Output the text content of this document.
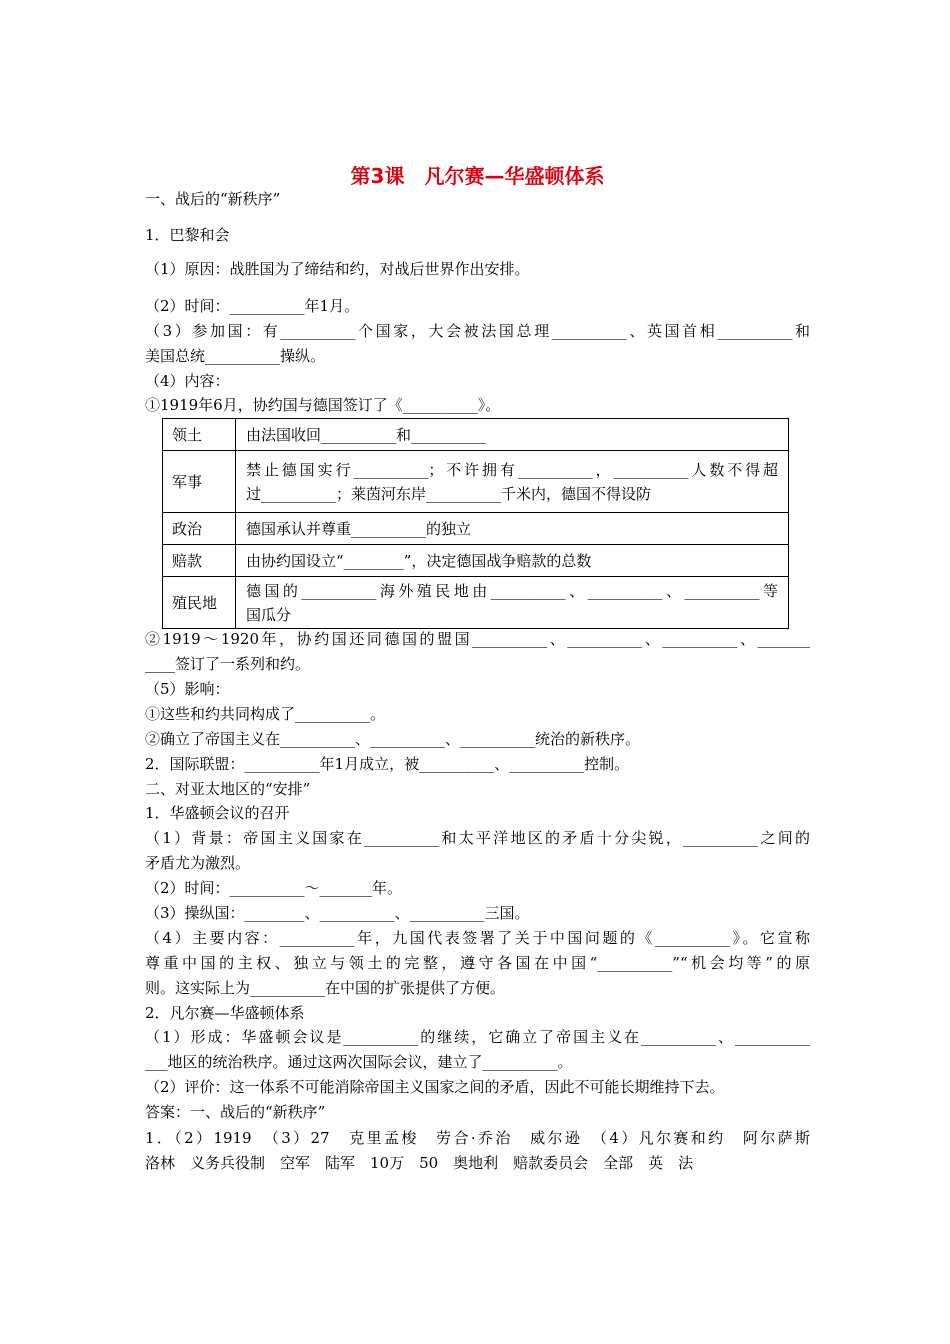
第3课　凡尔赛—华盛顿体系
一、战后的“新秩序”
1．巴黎和会
（1）原因：战胜国为了缔结和约，对战后世界作出安排。
（2）时间：__________年1月。
（3）参加国：有__________个国家，大会被法国总理__________、英国首相__________和
美国总统__________操纵。
（4）内容：
①1919年6月，协约国与德国签订了《__________》。
领土	由法国收回__________和__________
军事	禁止德国实行__________；不许拥有__________，__________人数不得超
过__________；莱茵河东岸__________千米内，德国不得设防

政治	德国承认并尊重__________的独立
赔款	由协约国设立“________”，决定德国战争赔款的总数
殖民地	德国的__________海外殖民地由__________、__________、__________等
国瓜分
②1919～1920年，协约国还同德国的盟国__________、__________、__________、_______
____签订了一系列和约。
（5）影响：
①这些和约共同构成了__________。
②确立了帝国主义在__________、__________、__________统治的新秩序。
2．国际联盟：__________年1月成立，被__________、__________控制。
二、对亚太地区的“安排”
1．华盛顿会议的召开
（1）背景：帝国主义国家在__________和太平洋地区的矛盾十分尖锐，__________之间的
矛盾尤为激烈。
（2）时间：__________～_______年。
（3）操纵国：________、__________、__________三国。
（4）主要内容：__________年，九国代表签署了关于中国问题的《__________》。它宣称
尊重中国的主权、独立与领土的完整，遵守各国在中国“__________”“机会均等”的原
则。这实际上为__________在中国的扩张提供了方便。
2．凡尔赛—华盛顿体系
（1）形成：华盛顿会议是__________的继续，它确立了帝国主义在__________、__________
___地区的统治秩序。通过这两次国际会议，建立了__________。
（2）评价：这一体系不可能消除帝国主义国家之间的矛盾，因此不可能长期维持下去。
答案：一、战后的“新秩序”
1．（2）1919　（3）27　克里孟梭　劳合·乔治　威尔逊　（4）凡尔赛和约　阿尔萨斯
洛林　义务兵役制　空军　陆军　10万　50　奥地利　赔款委员会　全部　英　法
